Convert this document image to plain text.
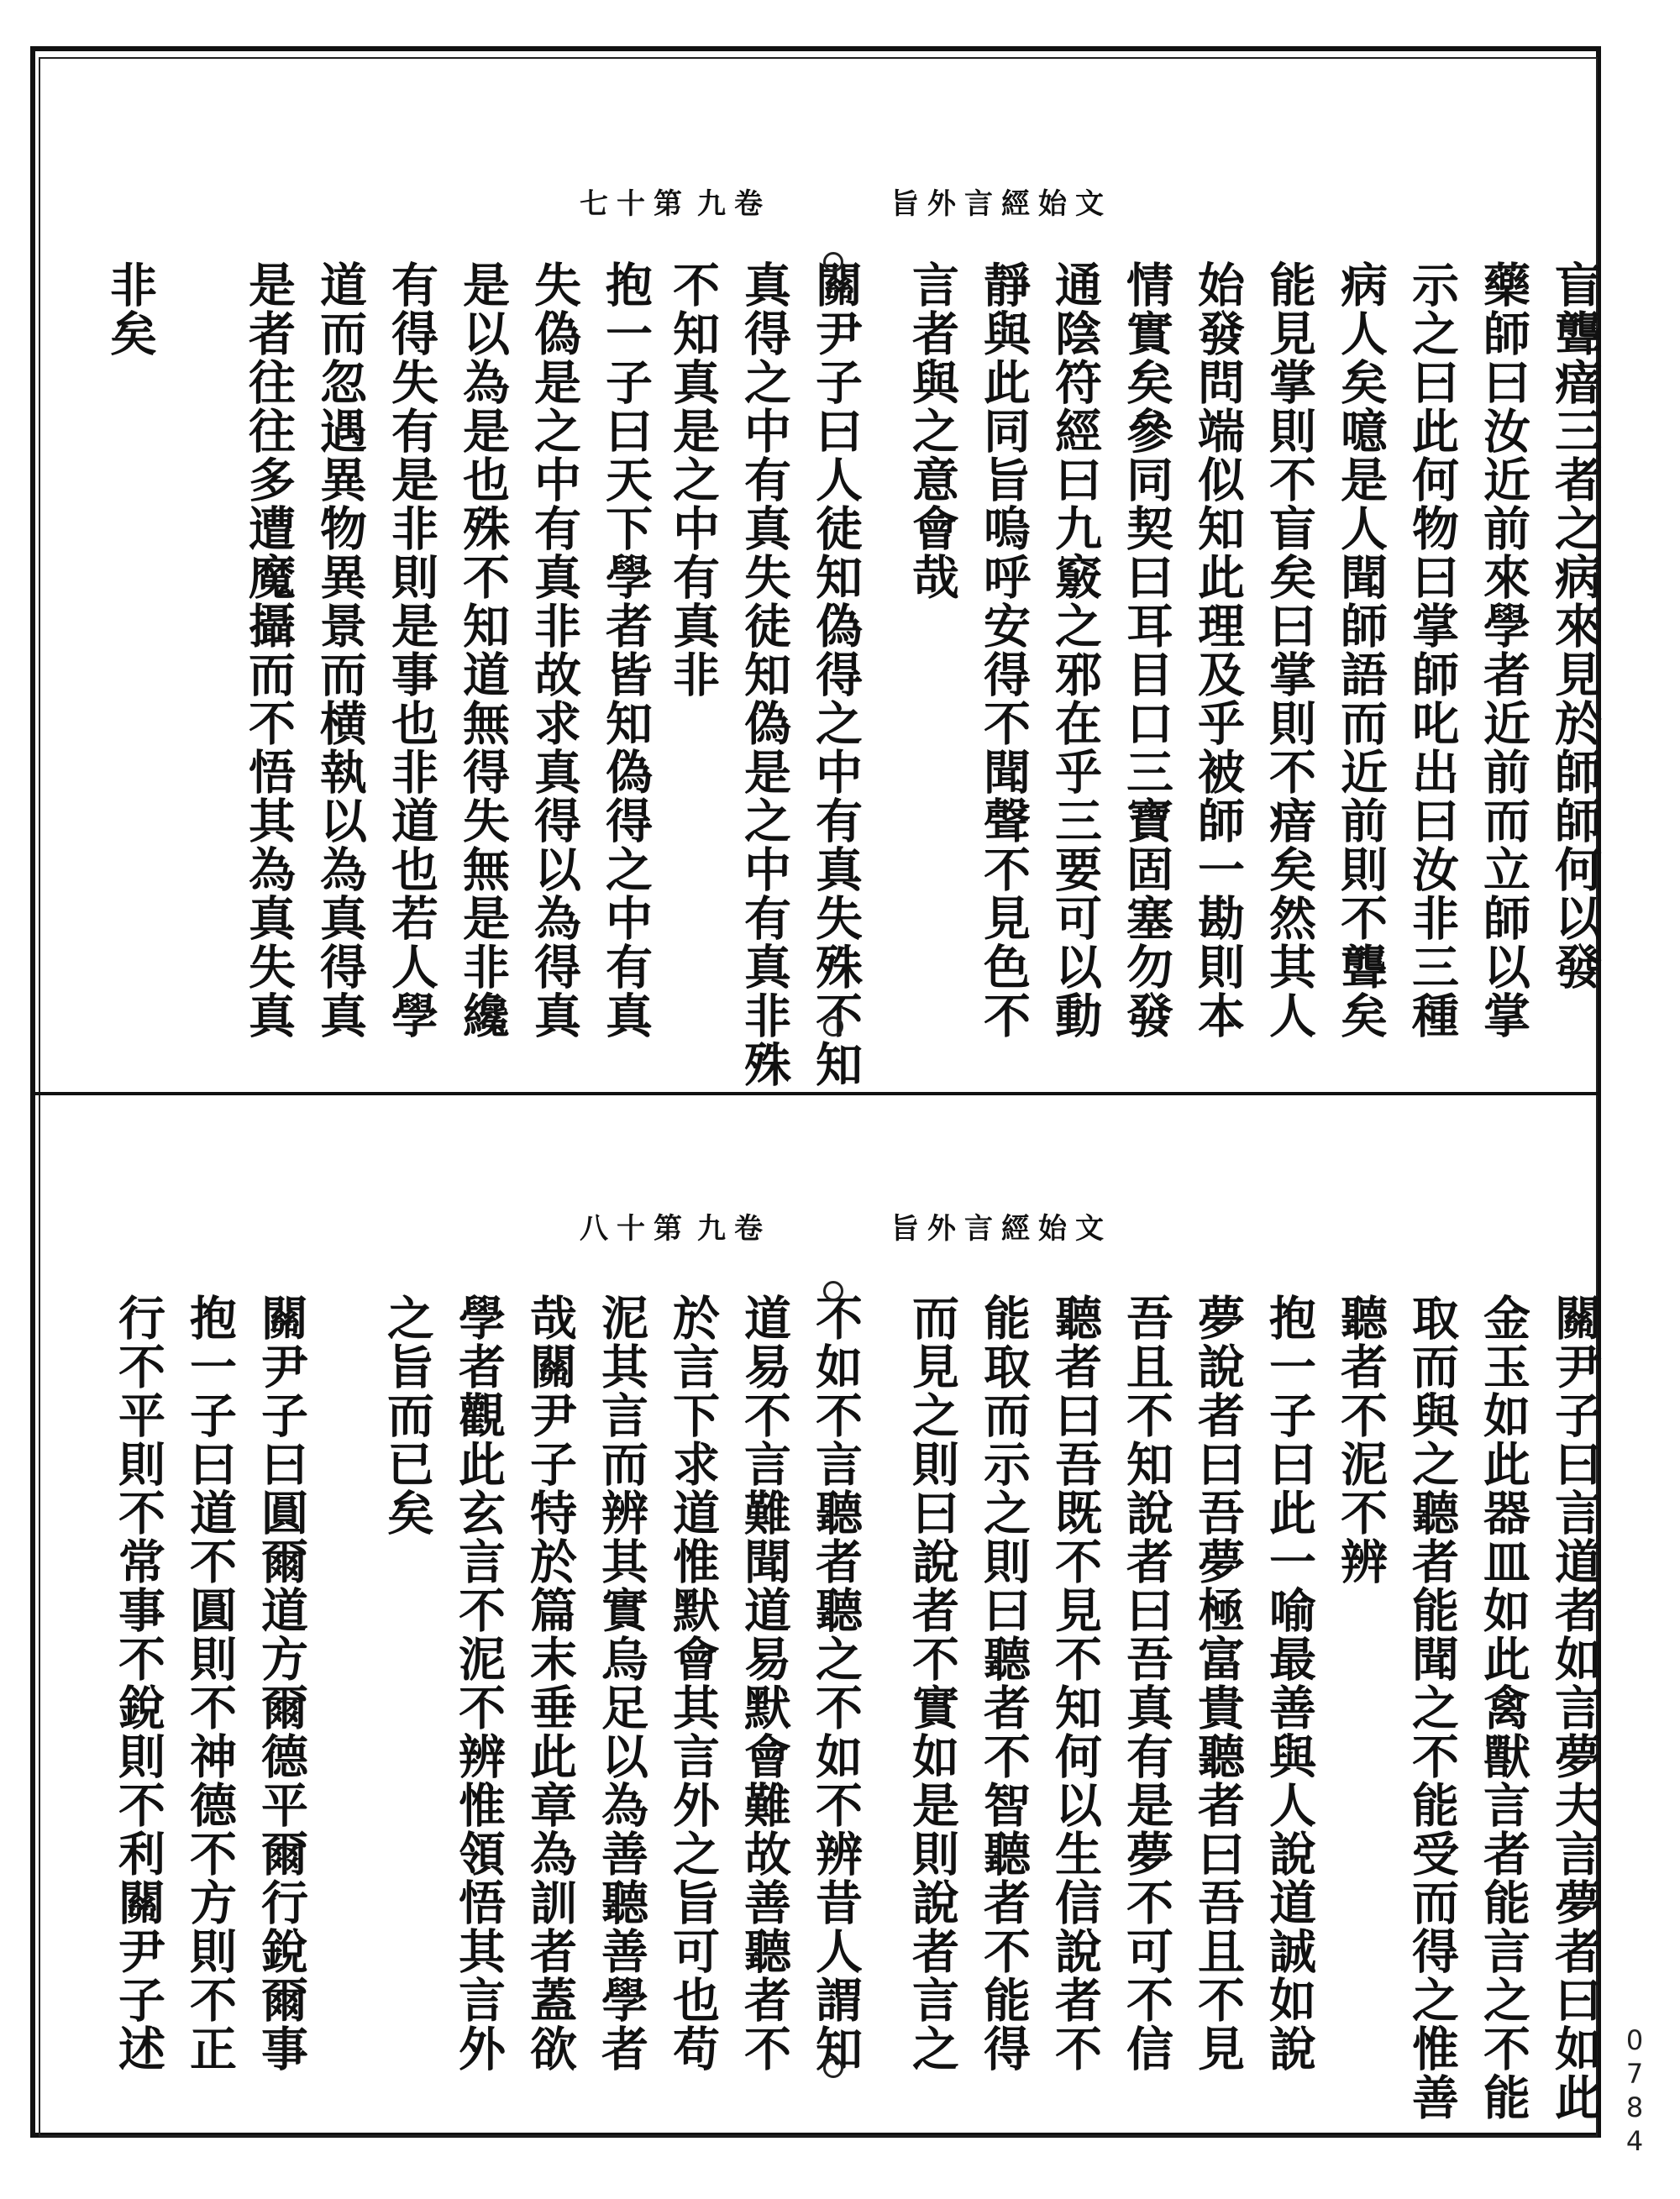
文始經言外旨
卷九
第十七
盲聾瘖三者之病來見於師師何以發
藥師曰汝近前來學者近前而立師以掌
示之曰此何物曰掌師叱出曰汝非三種
病人矣噫是人聞師語而近前則不聾矣
能見掌則不盲矣曰掌則不瘖矣然其人
始發問端似知此理及乎被師一勘則本
情實矣參同契曰耳目口三寶固塞勿發
通陰符經曰九竅之邪在乎三要可以動
靜與此同旨嗚呼安得不聞聲不見色不
言者與之意會哉
關尹子曰人徒知偽得之中有真失殊不知
真得之中有真失徒知偽是之中有真非殊
不知真是之中有真非
抱一子曰天下學者皆知偽得之中有真
失偽是之中有真非故求真得以為得真
是以為是也殊不知道無得失無是非纔
有得失有是非則是事也非道也若人學
道而忽遇異物異景而横執以為真得真
是者往往多遭魔攝而不悟其為真失真
非矣
文始經言外旨
卷九
第十八
關尹子曰言道者如言夢夫言夢者曰如此
金玉如此器皿如此禽獸言者能言之不能
取而與之聽者能聞之不能受而得之惟善
聽者不泥不辨
抱一子曰此一喻最善與人說道誠如說
夢說者曰吾夢極富貴聽者曰吾且不見
吾且不知說者曰吾真有是夢不可不信
聽者曰吾既不見不知何以生信說者不
能取而示之則曰聽者不智聽者不能得
而見之則曰說者不實如是則說者言之
不如不言聽者聽之不如不辨昔人謂知
道易不言難聞道易默會難故善聽者不
於言下求道惟默會其言外之旨可也苟
泥其言而辨其實烏足以為善聽善學者
哉關尹子特於篇末垂此章為訓者蓋欲
學者觀此玄言不泥不辨惟領悟其言外
之旨而已矣
關尹子曰圓爾道方爾德平爾行銳爾事
抱一子曰道不圓則不神德不方則不正
行不平則不常事不銳則不利關尹子述
0784
